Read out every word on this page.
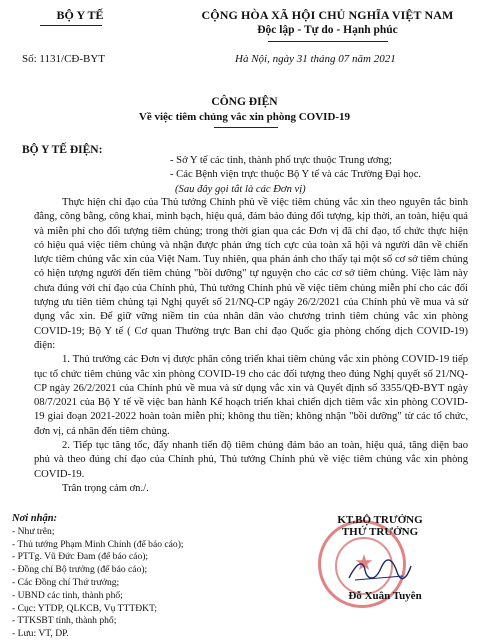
BỘ Y TẾ	CỘNG HÒA XÃ HỘI CHỦ NGHĨA VIỆT NAM
Độc lập - Tự do - Hạnh phúc
Số: 1131/CĐ-BYT	Hà Nội, ngày 31 tháng 07 năm 2021
CÔNG ĐIỆN
Về việc tiêm chủng vắc xin phòng COVID-19
BỘ Y TẾ ĐIỆN:
- Sở Y tế các tỉnh, thành phố trực thuộc Trung ương;
- Các Bệnh viện trực thuộc Bộ Y tế và các Trường Đại học.
(Sau đây gọi tắt là các Đơn vị)

Thực hiện chỉ đạo của Thủ tướng Chính phủ về việc tiêm chủng vắc xin theo nguyên tắc bình đẳng, công bằng, công khai, minh bạch, hiệu quả, đảm bảo đúng đối tượng, kịp thời, an toàn, hiệu quả và miễn phí cho đối tượng tiêm chủng; trong thời gian qua các Đơn vị đã chỉ đạo, tổ chức thực hiện có hiệu quả việc tiêm chủng và nhận được phản ứng tích cực của toàn xã hội và người dân về chiến lược tiêm chủng vắc xin của Việt Nam. Tuy nhiên, qua phản ánh cho thấy tại một số cơ sở tiêm chủng có hiện tượng người đến tiêm chủng "bồi dưỡng" tự nguyện cho các cơ sở tiêm chủng. Việc làm này chưa đúng với chỉ đạo của Chính phủ, Thủ tướng Chính phủ về việc tiêm chủng miễn phí cho các đối tượng ưu tiên tiêm chủng tại Nghị quyết số 21/NQ-CP ngày 26/2/2021 của Chính phủ về mua và sử dụng vắc xin. Để giữ vững niềm tin của nhân dân vào chương trình tiêm chủng vắc xin phòng COVID-19; Bộ Y tế ( Cơ quan Thường trực Ban chỉ đạo Quốc gia phòng chống dịch COVID-19) điện:

1. Thủ trưởng các Đơn vị được phân công triển khai tiêm chủng vắc xin phòng COVID-19 tiếp tục tổ chức tiêm chủng vắc xin phòng COVID-19 cho các đối tượng theo đúng Nghị quyết số 21/NQ-CP ngày 26/2/2021 của Chính phủ về mua và sử dụng vắc xin và Quyết định số 3355/QĐ-BYT ngày 08/7/2021 của Bộ Y tế về việc ban hành Kế hoạch triển khai chiến dịch tiêm vắc xin phòng COVID-19 giai đoạn 2021-2022 hoàn toàn miễn phí; không thu tiền; không nhận "bồi dưỡng" từ các tổ chức, đơn vị, cá nhân đến tiêm chủng.

2. Tiếp tục tăng tốc, đẩy nhanh tiến độ tiêm chủng đảm bảo an toàn, hiệu quả, tăng diện bao phủ và theo đúng chỉ đạo của Chính phủ, Thủ tướng Chính phủ về việc tiêm chủng vắc xin phòng COVID-19.

Trân trọng cảm ơn./.

Nơi nhận:
- Như trên;
- Thủ tướng Phạm Minh Chính (để báo cáo);
- PTTg. Vũ Đức Đam (để báo cáo);
- Đồng chí Bộ trưởng (để báo cáo);
- Các Đồng chí Thứ trưởng;
- UBND các tỉnh, thành phố;
- Cục: YTDP, QLKCB, Vụ TTTĐKT;
- TTKSBT tỉnh, thành phố;
- Lưu: VT, DP.
★
KT.BỘ TRƯỞNG
THỨ TRƯỞNG
Đỗ Xuân Tuyên
